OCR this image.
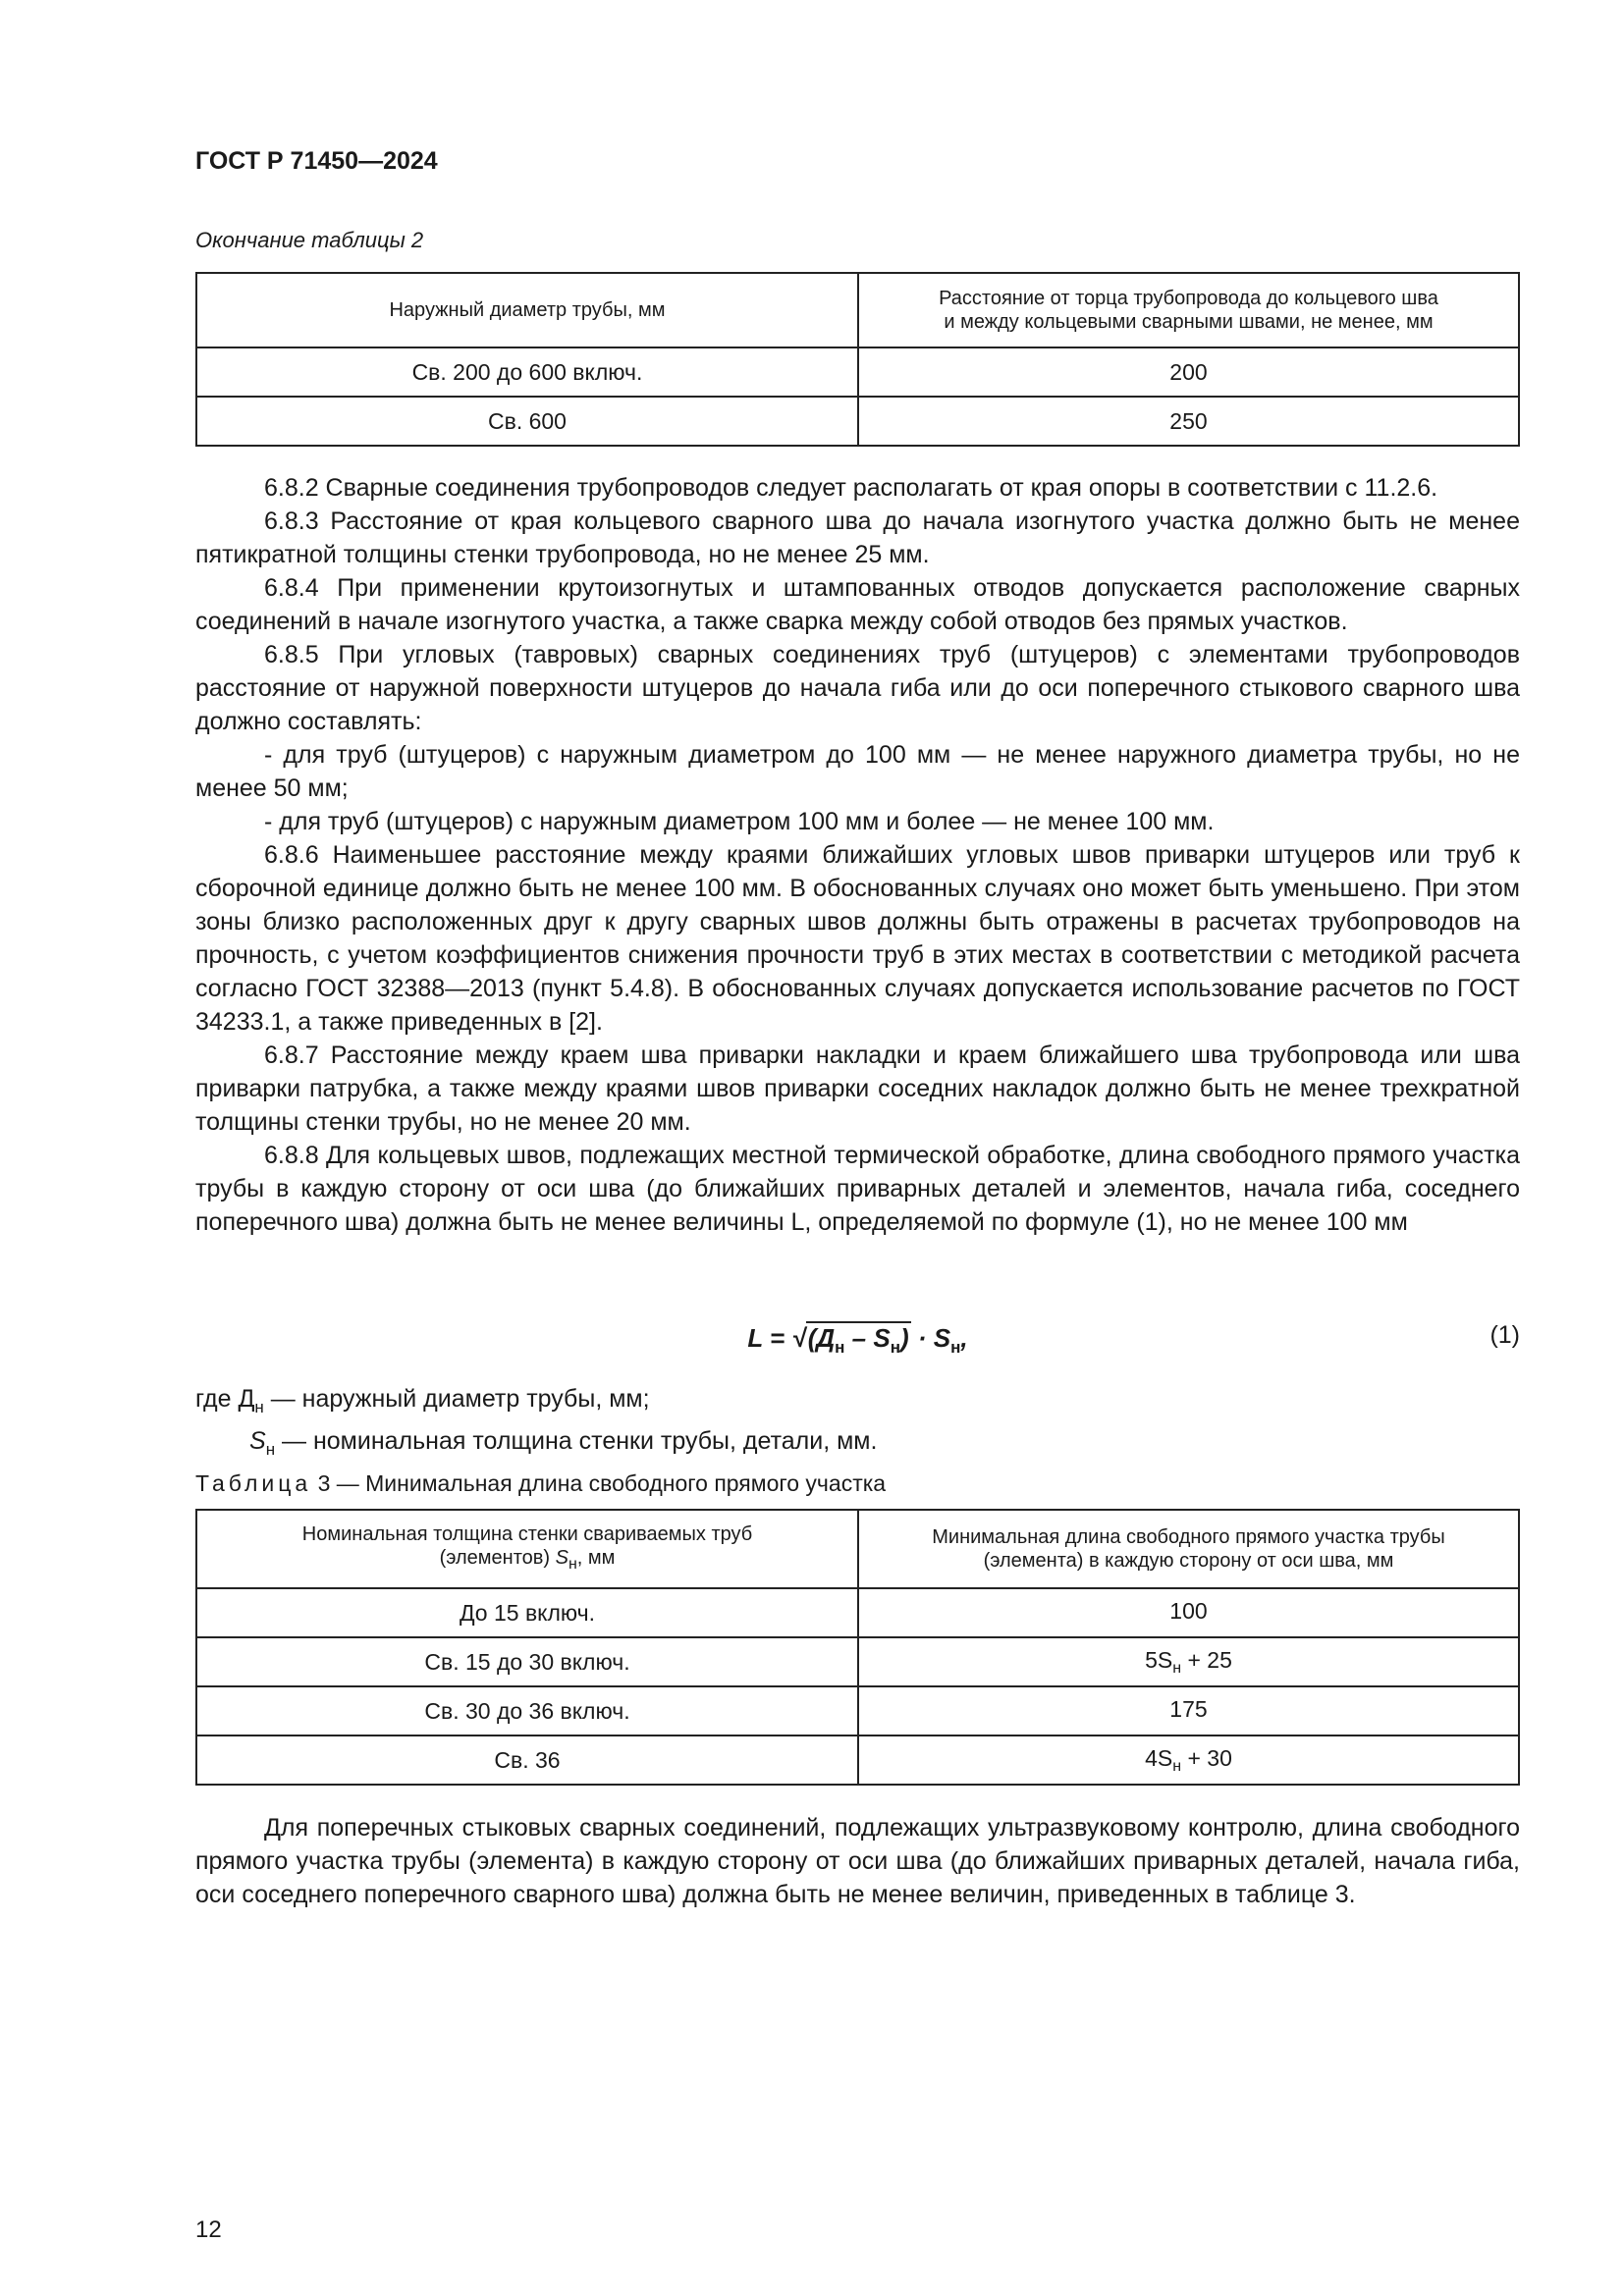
ГОСТ Р 71450—2024
Окончание таблицы 2
Наружный диаметр трубы, мм	Расстояние от торца трубопровода до кольцевого шва
и между кольцевыми сварными швами, не менее, мм
Св. 200 до 600 включ.	200
Св. 600	250

6.8.2 Сварные соединения трубопроводов следует располагать от края опоры в соответствии с 11.2.6.

6.8.3 Расстояние от края кольцевого сварного шва до начала изогнутого участка должно быть не менее пятикратной толщины стенки трубопровода, но не менее 25 мм.

6.8.4 При применении крутоизогнутых и штампованных отводов допускается расположение сварных соединений в начале изогнутого участка, а также сварка между собой отводов без прямых участков.

6.8.5 При угловых (тавровых) сварных соединениях труб (штуцеров) с элементами трубопроводов расстояние от наружной поверхности штуцеров до начала гиба или до оси поперечного стыкового сварного шва должно составлять:

- для труб (штуцеров) с наружным диаметром до 100 мм — не менее наружного диаметра трубы, но не менее 50 мм;

- для труб (штуцеров) с наружным диаметром 100 мм и более — не менее 100 мм.

6.8.6 Наименьшее расстояние между краями ближайших угловых швов приварки штуцеров или труб к сборочной единице должно быть не менее 100 мм. В обоснованных случаях оно может быть уменьшено. При этом зоны близко расположенных друг к другу сварных швов должны быть отражены в расчетах трубопроводов на прочность, с учетом коэффициентов снижения прочности труб в этих местах в соответствии с методикой расчета согласно ГОСТ 32388—2013 (пункт 5.4.8). В обоснованных случаях допускается использование расчетов по ГОСТ 34233.1, а также приведенных в [2].

6.8.7 Расстояние между краем шва приварки накладки и краем ближайшего шва трубопровода или шва приварки патрубка, а также между краями швов приварки соседних накладок должно быть не менее трехкратной толщины стенки трубы, но не менее 20 мм.

6.8.8 Для кольцевых швов, подлежащих местной термической обработке, длина свободного прямого участка трубы в каждую сторону от оси шва (до ближайших приварных деталей и элементов, начала гиба, соседнего поперечного шва) должна быть не менее величины L, определяемой по формуле (1), но не менее 100 мм

$L = √(Д_н - S_н) \cdot S_н$,	(1)
где $Д_н$ — наружный диаметр трубы, мм;
$S_н$ — номинальная толщина стенки трубы, детали, мм.
Таблица 3 — Минимальная длина свободного прямого участка
Номинальная толщина стенки свариваемых труб
(элементов) $S_н$, мм	Минимальная длина свободного прямого участка трубы
(элемента) в каждую сторону от оси шва, мм
До 15 включ.	100
Св. 15 до 30 включ.	$5S_н + 25$
Св. 30 до 36 включ.	175
Св. 36	$4S_н + 30$

Для поперечных стыковых сварных соединений, подлежащих ультразвуковому контролю, длина свободного прямого участка трубы (элемента) в каждую сторону от оси шва (до ближайших приварных деталей, начала гиба, оси соседнего поперечного сварного шва) должна быть не менее величин, приведенных в таблице 3.

12
